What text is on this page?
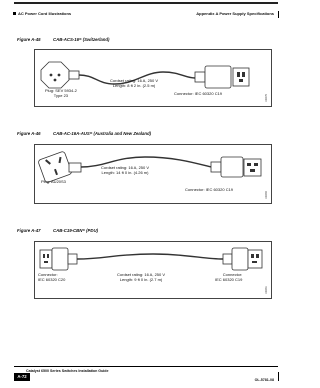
Appendix A Power Supply Specifications
AC Power Cord Illustrations
Figure A-45	CAB-ACS-16= (Switzerland)
Plug: SEV 5934-2
Type 23
Cordset rating: 16 A, 250 V
Length: 8 ft 2 in. (2.5 m)
Connector: IEC 60320 C19
186979
Figure A-46	CAB-AC-16A-AUS= (Australia and New Zealand)
Plug: AU20S3
Cordset rating: 16 A, 250 V
Length: 14 ft 0 in. (4.26 m)
Connector: IEC 60320 C19
186980
Figure A-47	CAB-C19-CBN= (PDU)
Connector:
IEC 60320 C20
Cordset rating: 16 A, 250 V
Length: 9 ft 0 in. (2.7 m)
Connector:
IEC 60320 C19
186981
Catalyst 6500 Series Switches Installation Guide
A-72
OL-5781-08
